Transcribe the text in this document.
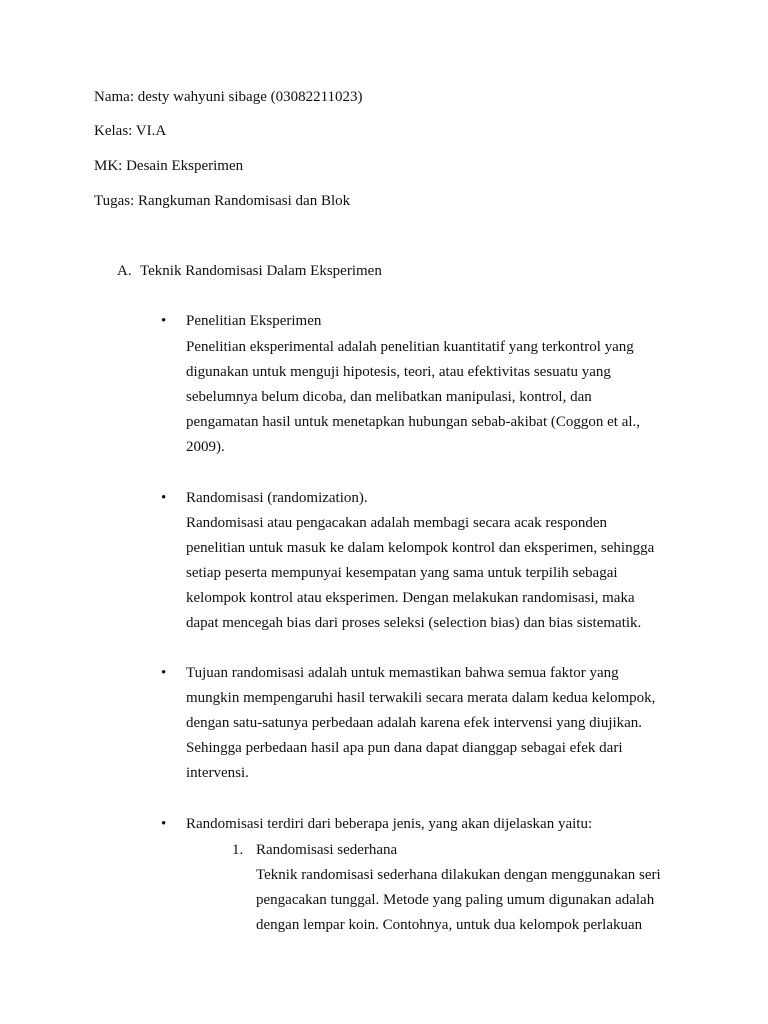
Nama: desty wahyuni sibage (03082211023)
Kelas: VI.A
MK: Desain Eksperimen
Tugas: Rangkuman Randomisasi dan Blok
A. Teknik Randomisasi Dalam Eksperimen
• Penelitian Eksperimen
Penelitian eksperimental adalah penelitian kuantitatif yang terkontrol yang
digunakan untuk menguji hipotesis, teori, atau efektivitas sesuatu yang
sebelumnya belum dicoba, dan melibatkan manipulasi, kontrol, dan
pengamatan hasil untuk menetapkan hubungan sebab-akibat (Coggon et al.,
2009).
• Randomisasi (randomization).
Randomisasi atau pengacakan adalah membagi secara acak responden
penelitian untuk masuk ke dalam kelompok kontrol dan eksperimen, sehingga
setiap peserta mempunyai kesempatan yang sama untuk terpilih sebagai
kelompok kontrol atau eksperimen. Dengan melakukan randomisasi, maka
dapat mencegah bias dari proses seleksi (selection bias) dan bias sistematik.
• Tujuan randomisasi adalah untuk memastikan bahwa semua faktor yang
mungkin mempengaruhi hasil terwakili secara merata dalam kedua kelompok,
dengan satu-satunya perbedaan adalah karena efek intervensi yang diujikan.
Sehingga perbedaan hasil apa pun dana dapat dianggap sebagai efek dari
intervensi.
• Randomisasi terdiri dari beberapa jenis, yang akan dijelaskan yaitu:
1. Randomisasi sederhana
Teknik randomisasi sederhana dilakukan dengan menggunakan seri
pengacakan tunggal. Metode yang paling umum digunakan adalah
dengan lempar koin. Contohnya, untuk dua kelompok perlakuan
